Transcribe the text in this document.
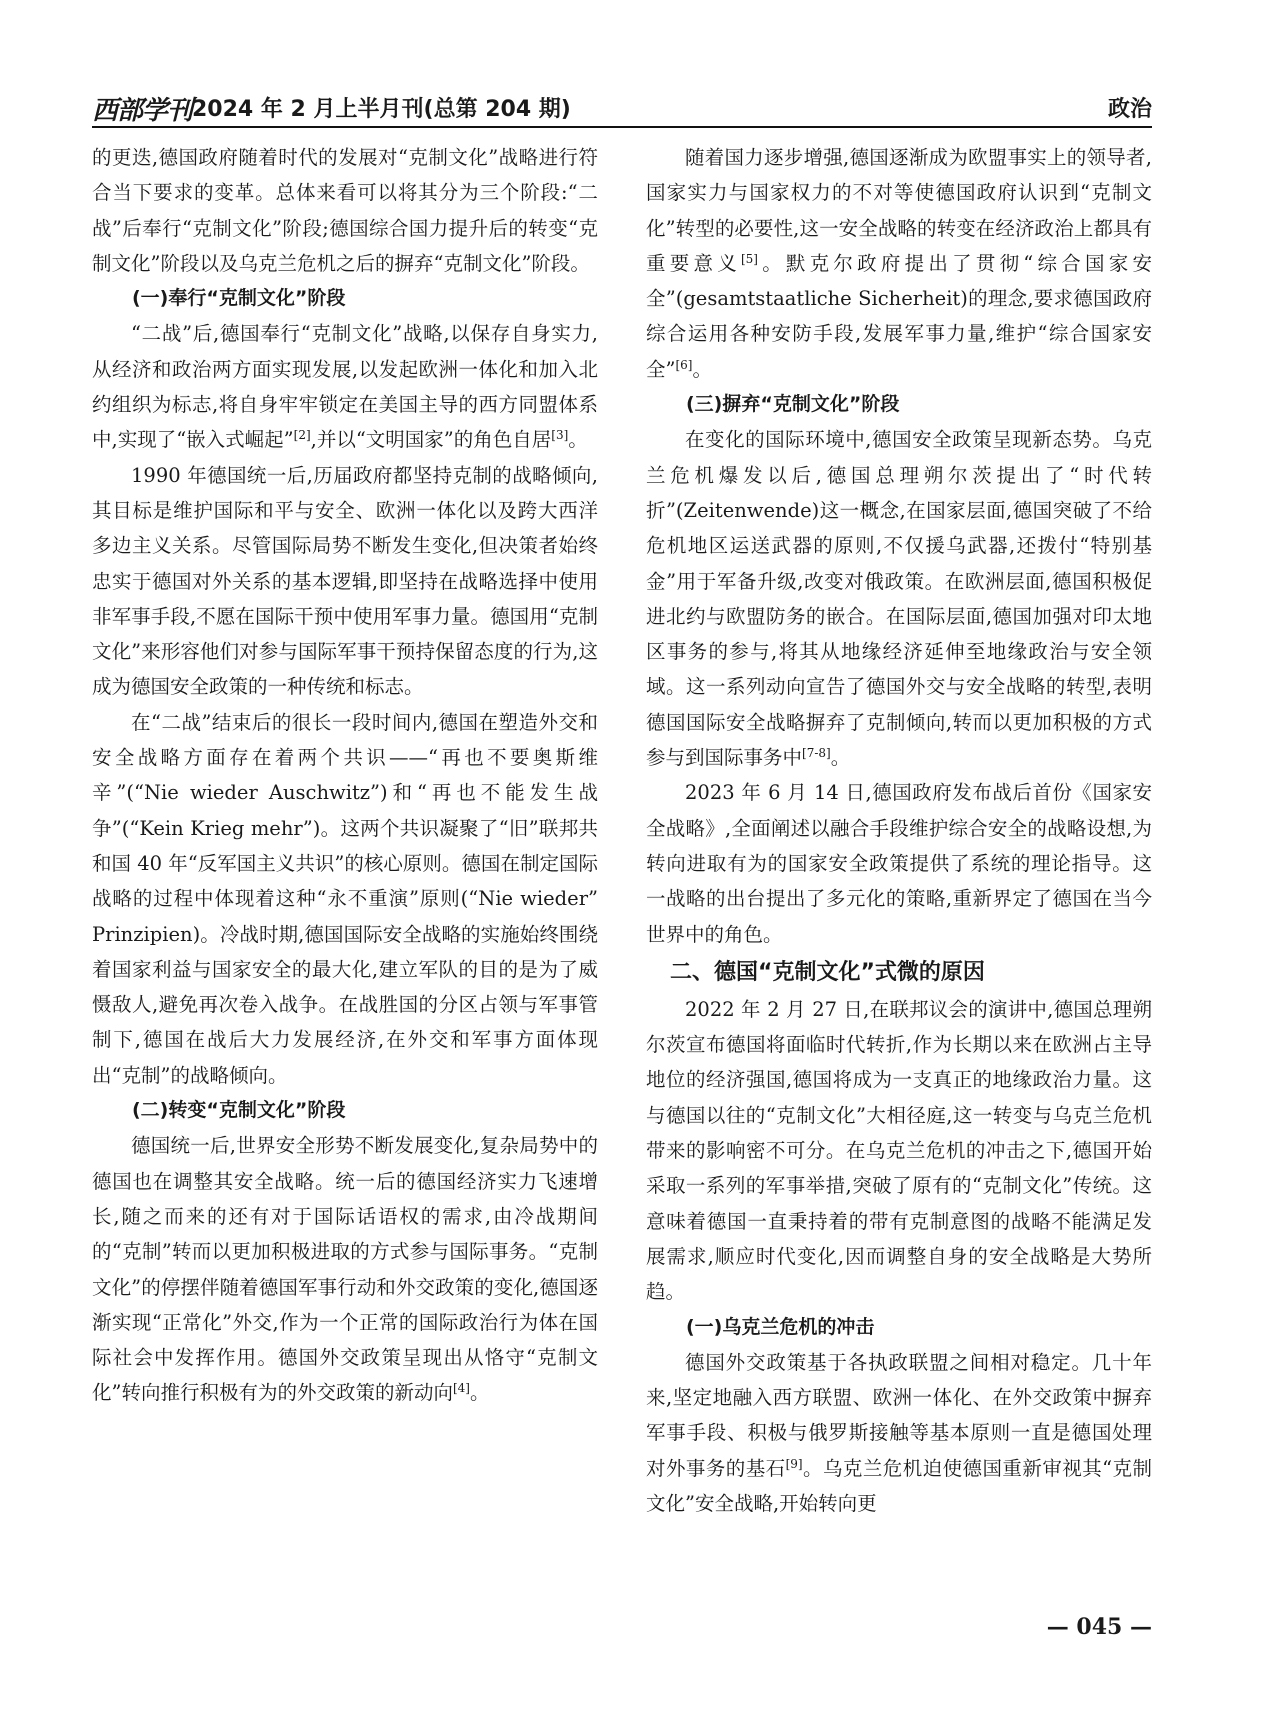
西部学刊 2024 年 2 月上半月刊(总第 204 期)	政治

的更迭,德国政府随着时代的发展对“克制文化”战略进行符合当下要求的变革。总体来看可以将其分为三个阶段:“二战”后奉行“克制文化”阶段;德国综合国力提升后的转变“克制文化”阶段以及乌克兰危机之后的摒弃“克制文化”阶段。

(一)奉行“克制文化”阶段

“二战”后,德国奉行“克制文化”战略,以保存自身实力,从经济和政治两方面实现发展,以发起欧洲一体化和加入北约组织为标志,将自身牢牢锁定在美国主导的西方同盟体系中,实现了“嵌入式崛起”[2],并以“文明国家”的角色自居[3]。

1990 年德国统一后,历届政府都坚持克制的战略倾向,其目标是维护国际和平与安全、欧洲一体化以及跨大西洋多边主义关系。尽管国际局势不断发生变化,但决策者始终忠实于德国对外关系的基本逻辑,即坚持在战略选择中使用非军事手段,不愿在国际干预中使用军事力量。德国用“克制文化”来形容他们对参与国际军事干预持保留态度的行为,这成为德国安全政策的一种传统和标志。

在“二战”结束后的很长一段时间内,德国在塑造外交和安全战略方面存在着两个共识——“再也不要奥斯维辛”(“Nie wieder Auschwitz”)和“再也不能发生战争”(“Kein Krieg mehr”)。这两个共识凝聚了“旧”联邦共和国 40 年“反军国主义共识”的核心原则。德国在制定国际战略的过程中体现着这种“永不重演”原则(“Nie wieder” Prinzipien)。冷战时期,德国国际安全战略的实施始终围绕着国家利益与国家安全的最大化,建立军队的目的是为了威慑敌人,避免再次卷入战争。在战胜国的分区占领与军事管制下,德国在战后大力发展经济,在外交和军事方面体现出“克制”的战略倾向。

(二)转变“克制文化”阶段

德国统一后,世界安全形势不断发展变化,复杂局势中的德国也在调整其安全战略。统一后的德国经济实力飞速增长,随之而来的还有对于国际话语权的需求,由冷战期间的“克制”转而以更加积极进取的方式参与国际事务。“克制文化”的停摆伴随着德国军事行动和外交政策的变化,德国逐渐实现“正常化”外交,作为一个正常的国际政治行为体在国际社会中发挥作用。德国外交政策呈现出从恪守“克制文化”转向推行积极有为的外交政策的新动向[4]。

随着国力逐步增强,德国逐渐成为欧盟事实上的领导者,国家实力与国家权力的不对等使德国政府认识到“克制文化”转型的必要性,这一安全战略的转变在经济政治上都具有重要意义[5]。默克尔政府提出了贯彻“综合国家安全”(gesamtstaatliche Sicherheit)的理念,要求德国政府综合运用各种安防手段,发展军事力量,维护“综合国家安全”[6]。

(三)摒弃“克制文化”阶段

在变化的国际环境中,德国安全政策呈现新态势。乌克兰危机爆发以后,德国总理朔尔茨提出了“时代转折”(Zeitenwende)这一概念,在国家层面,德国突破了不给危机地区运送武器的原则,不仅援乌武器,还拨付“特别基金”用于军备升级,改变对俄政策。在欧洲层面,德国积极促进北约与欧盟防务的嵌合。在国际层面,德国加强对印太地区事务的参与,将其从地缘经济延伸至地缘政治与安全领域。这一系列动向宣告了德国外交与安全战略的转型,表明德国国际安全战略摒弃了克制倾向,转而以更加积极的方式参与到国际事务中[7-8]。

2023 年 6 月 14 日,德国政府发布战后首份《国家安全战略》,全面阐述以融合手段维护综合安全的战略设想,为转向进取有为的国家安全政策提供了系统的理论指导。这一战略的出台提出了多元化的策略,重新界定了德国在当今世界中的角色。

二、德国“克制文化”式微的原因

2022 年 2 月 27 日,在联邦议会的演讲中,德国总理朔尔茨宣布德国将面临时代转折,作为长期以来在欧洲占主导地位的经济强国,德国将成为一支真正的地缘政治力量。这与德国以往的“克制文化”大相径庭,这一转变与乌克兰危机带来的影响密不可分。在乌克兰危机的冲击之下,德国开始采取一系列的军事举措,突破了原有的“克制文化”传统。这意味着德国一直秉持着的带有克制意图的战略不能满足发展需求,顺应时代变化,因而调整自身的安全战略是大势所趋。

(一)乌克兰危机的冲击

德国外交政策基于各执政联盟之间相对稳定。几十年来,坚定地融入西方联盟、欧洲一体化、在外交政策中摒弃军事手段、积极与俄罗斯接触等基本原则一直是德国处理对外事务的基石[9]。乌克兰危机迫使德国重新审视其“克制文化”安全战略,开始转向更

— 045 —
